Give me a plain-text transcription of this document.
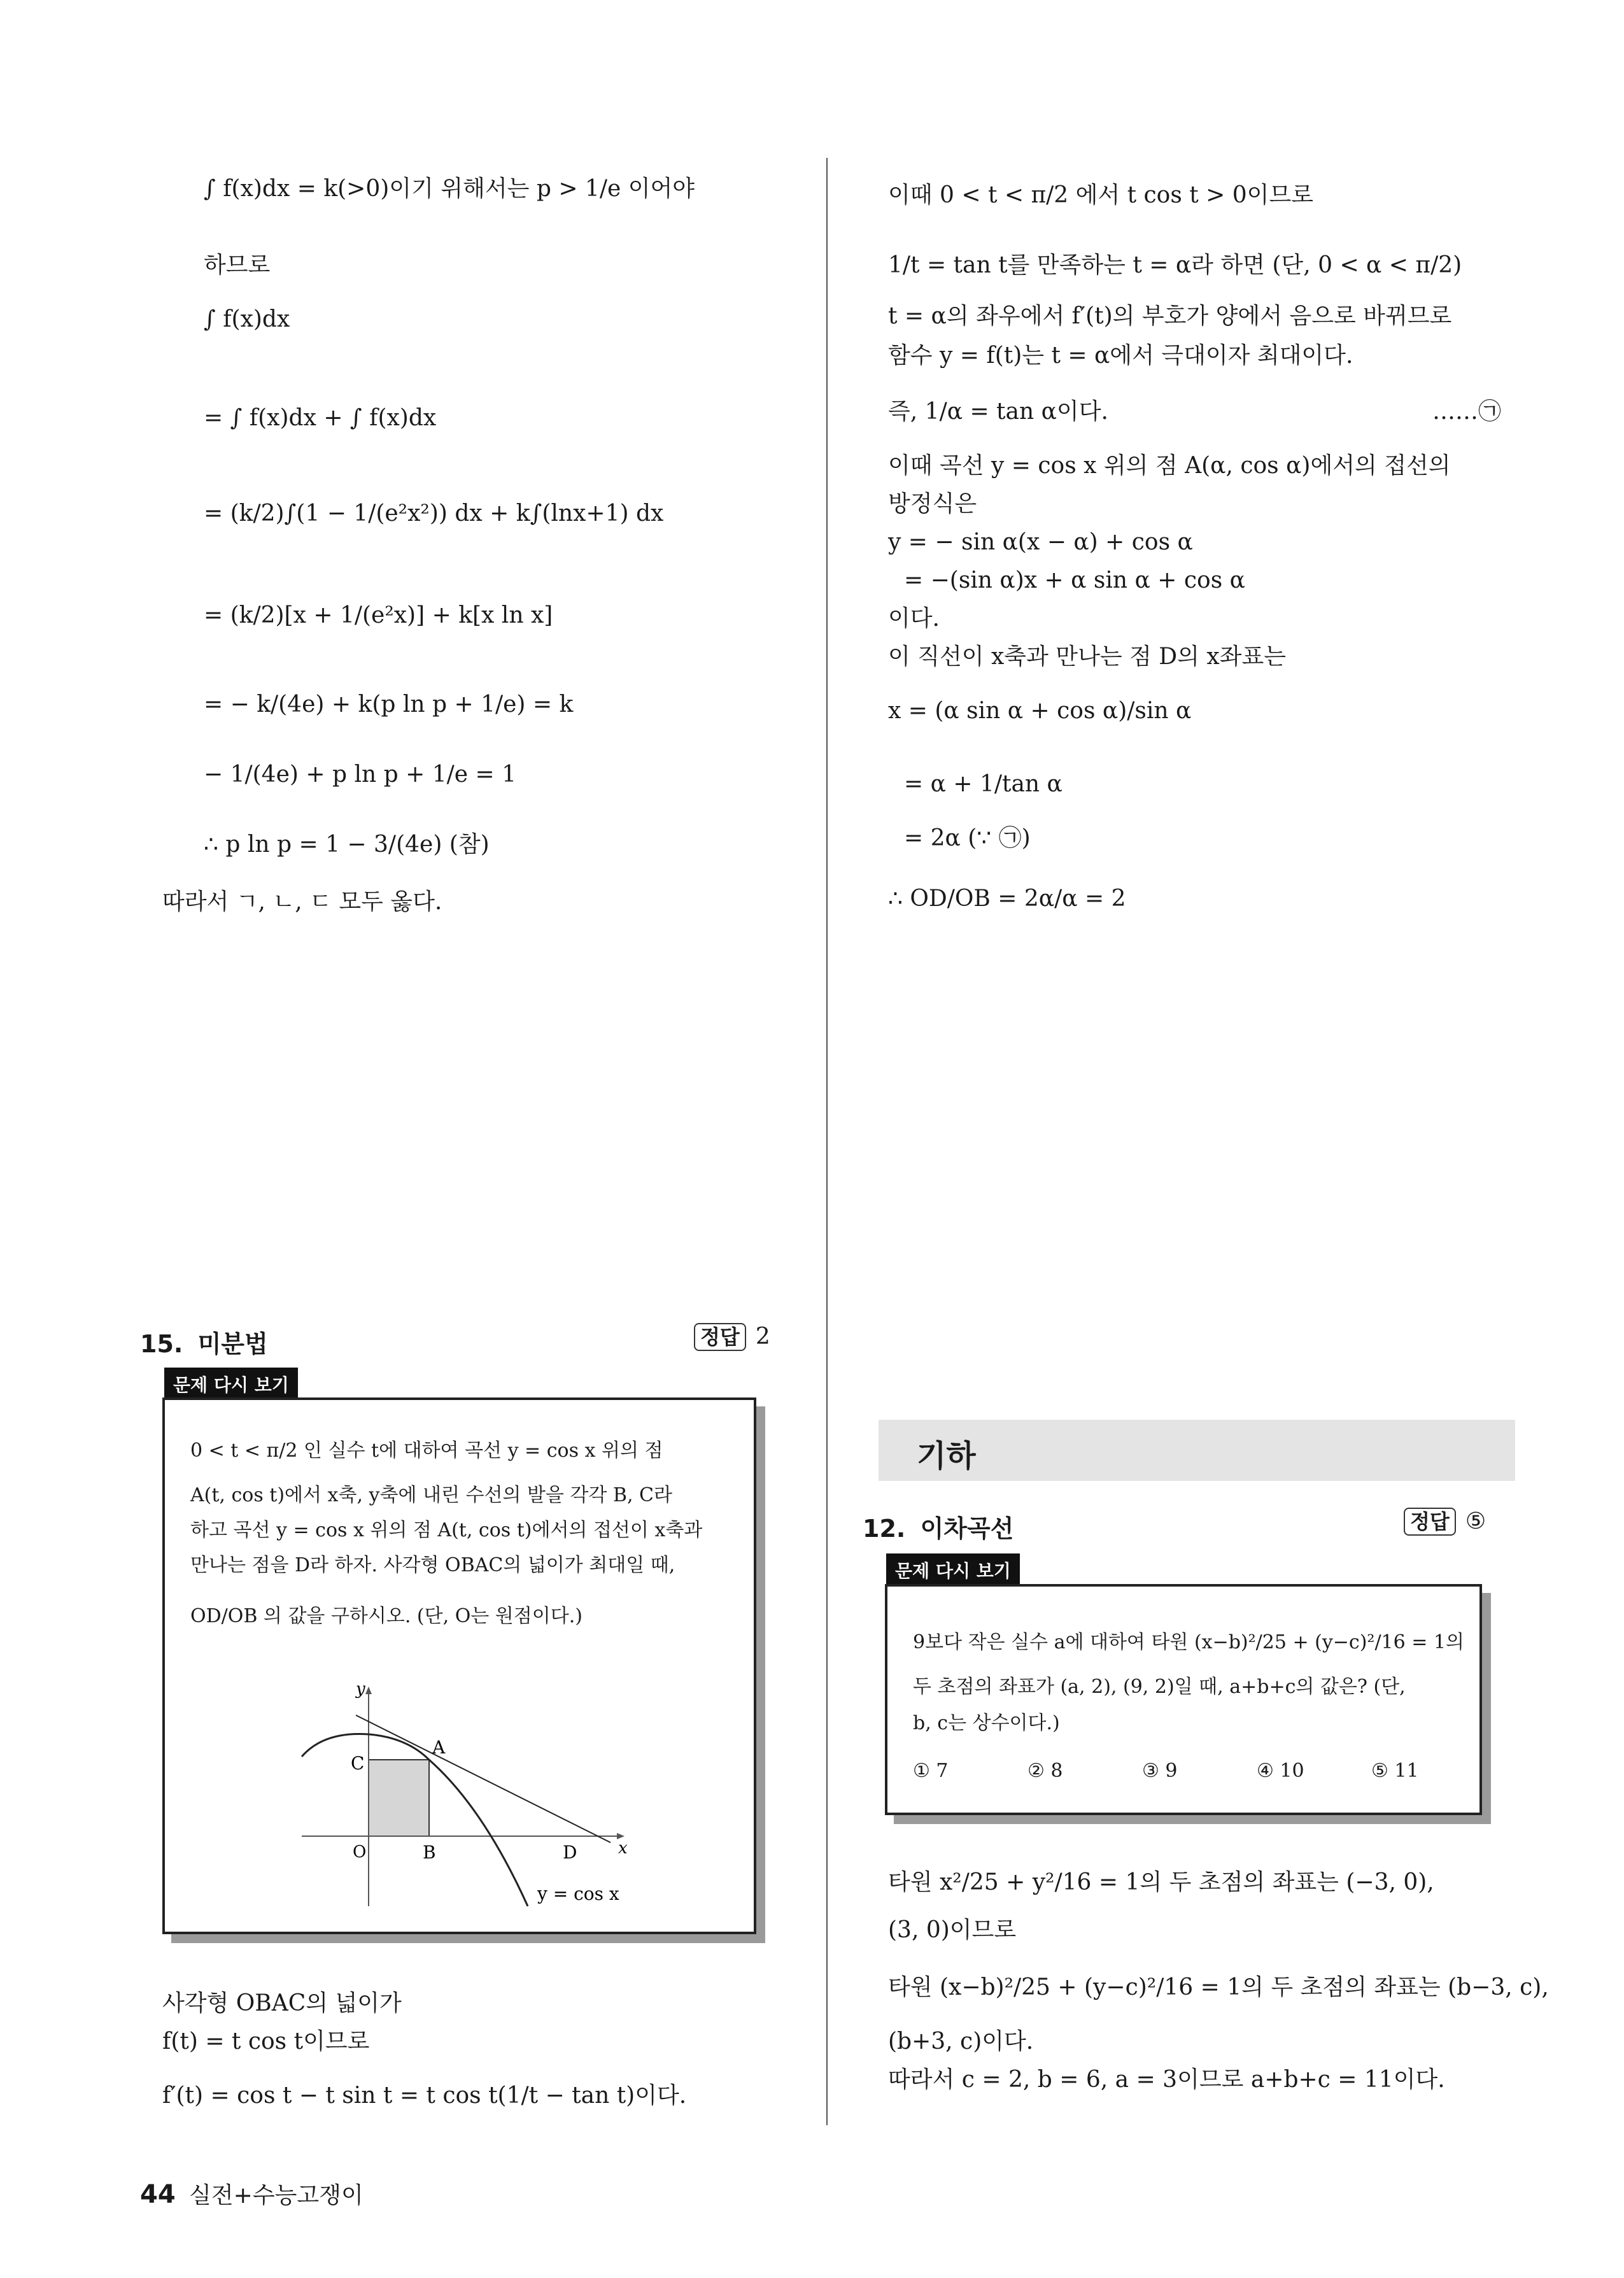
∫ f(x)dx = k(>0)이기 위해서는 p > 1/e 이어야
하므로
∫ f(x)dx
= ∫ f(x)dx + ∫ f(x)dx
= (k/2)∫(1 − 1/(e²x²)) dx + k∫(lnx+1) dx
= (k/2)[x + 1/(e²x)] + k[x ln x]
= − k/(4e) + k(p ln p + 1/e) = k
− 1/(4e) + p ln p + 1/e = 1
∴ p ln p = 1 − 3/(4e) (참)
따라서 ㄱ, ㄴ, ㄷ 모두 옳다.
15. 미분법	정답 2
문제 다시 보기
0 < t < π/2 인 실수 t에 대하여 곡선 y = cos x 위의 점
A(t, cos t)에서 x축, y축에 내린 수선의 발을 각각 B, C라
하고 곡선 y = cos x 위의 점 A(t, cos t)에서의 접선이 x축과
만나는 점을 D라 하자. 사각형 OBAC의 넓이가 최대일 때,
OD/OB 의 값을 구하시오. (단, O는 원점이다.)
y
x
O
A
B
C
D
y = cos x
사각형 OBAC의 넓이가
f(t) = t cos t이므로
f′(t) = cos t − t sin t = t cos t(1/t − tan t)이다.
이때 0 < t < π/2 에서 t cos t > 0이므로
1/t = tan t를 만족하는 t = α라 하면 (단, 0 < α < π/2)
t = α의 좌우에서 f′(t)의 부호가 양에서 음으로 바뀌므로
함수 y = f(t)는 t = α에서 극대이자 최대이다.
즉, 1/α = tan α이다.	……㉠
이때 곡선 y = cos x 위의 점 A(α, cos α)에서의 접선의
방정식은
y = − sin α(x − α) + cos α
= −(sin α)x + α sin α + cos α
이다.
이 직선이 x축과 만나는 점 D의 x좌표는
x = (α sin α + cos α)/sin α
= α + 1/tan α
= 2α (∵ ㉠)
∴ OD/OB = 2α/α = 2
기하
12. 이차곡선	정답 ⑤
문제 다시 보기
9보다 작은 실수 a에 대하여 타원 (x−b)²/25 + (y−c)²/16 = 1의
두 초점의 좌표가 (a, 2), (9, 2)일 때, a+b+c의 값은? (단,
b, c는 상수이다.)
① 7	② 8	③ 9	④ 10	⑤ 11
타원 x²/25 + y²/16 = 1의 두 초점의 좌표는 (−3, 0),
(3, 0)이므로
타원 (x−b)²/25 + (y−c)²/16 = 1의 두 초점의 좌표는 (b−3, c),
(b+3, c)이다.
따라서 c = 2, b = 6, a = 3이므로 a+b+c = 11이다.
44 실전+수능고쟁이
